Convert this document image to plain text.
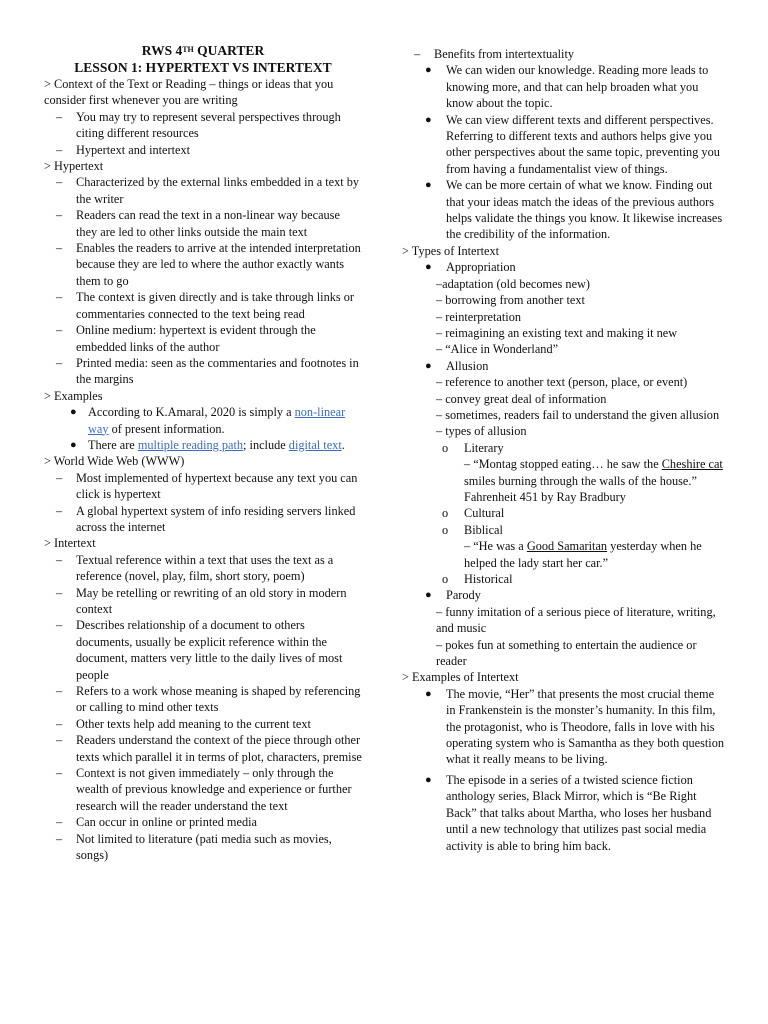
RWS 4TH QUARTER
LESSON 1: HYPERTEXT VS INTERTEXT
> Context of the Text or Reading – things or ideas that you consider first whenever you are writing
– You may try to represent several perspectives through citing different resources
– Hypertext and intertext
> Hypertext
– Characterized by the external links embedded in a text by the writer
– Readers can read the text in a non-linear way because they are led to other links outside the main text
– Enables the readers to arrive at the intended interpretation because they are led to where the author exactly wants them to go
– The context is given directly and is take through links or commentaries connected to the text being read
– Online medium: hypertext is evident through the embedded links of the author
– Printed media: seen as the commentaries and footnotes in the margins
> Examples
● According to K.Amaral, 2020 is simply a non-linear way of present information.
● There are multiple reading path; include digital text.
> World Wide Web (WWW)
– Most implemented of hypertext because any text you can click is hypertext
– A global hypertext system of info residing servers linked across the internet
> Intertext
– Textual reference within a text that uses the text as a reference (novel, play, film, short story, poem)
– May be retelling or rewriting of an old story in modern context
– Describes relationship of a document to others documents, usually be explicit reference within the document, matters very little to the daily lives of most people
– Refers to a work whose meaning is shaped by referencing or calling to mind other texts
– Other texts help add meaning to the current text
– Readers understand the context of the piece through other texts which parallel it in terms of plot, characters, premise
– Context is not given immediately – only through the wealth of previous knowledge and experience or further research will the reader understand the text
– Can occur in online or printed media
– Not limited to literature (pati media such as movies, songs)
– Benefits from intertextuality
● We can widen our knowledge. Reading more leads to knowing more, and that can help broaden what you know about the topic.
● We can view different texts and different perspectives. Referring to different texts and authors helps give you other perspectives about the same topic, preventing you from having a fundamentalist view of things.
● We can be more certain of what we know. Finding out that your ideas match the ideas of the previous authors helps validate the things you know. It likewise increases the credibility of the information.
> Types of Intertext
● Appropriation
–adaptation (old becomes new)
– borrowing from another text
– reinterpretation
– reimagining an existing text and making it new
– “Alice in Wonderland”
● Allusion
– reference to another text (person, place, or event)
– convey great deal of information
– sometimes, readers fail to understand the given allusion
– types of allusion
o Literary
– “Montag stopped eating… he saw the Cheshire cat smiles burning through the walls of the house.” Fahrenheit 451 by Ray Bradbury
o Cultural
o Biblical
– “He was a Good Samaritan yesterday when he helped the lady start her car.”
o Historical
● Parody
– funny imitation of a serious piece of literature, writing, and music
– pokes fun at something to entertain the audience or reader
> Examples of Intertext
● The movie, “Her” that presents the most crucial theme in Frankenstein is the monster’s humanity. In this film, the protagonist, who is Theodore, falls in love with his operating system who is Samantha as they both question what it really means to be living.
● The episode in a series of a twisted science fiction anthology series, Black Mirror, which is “Be Right Back” that talks about Martha, who loses her husband until a new technology that utilizes past social media activity is able to bring him back.
